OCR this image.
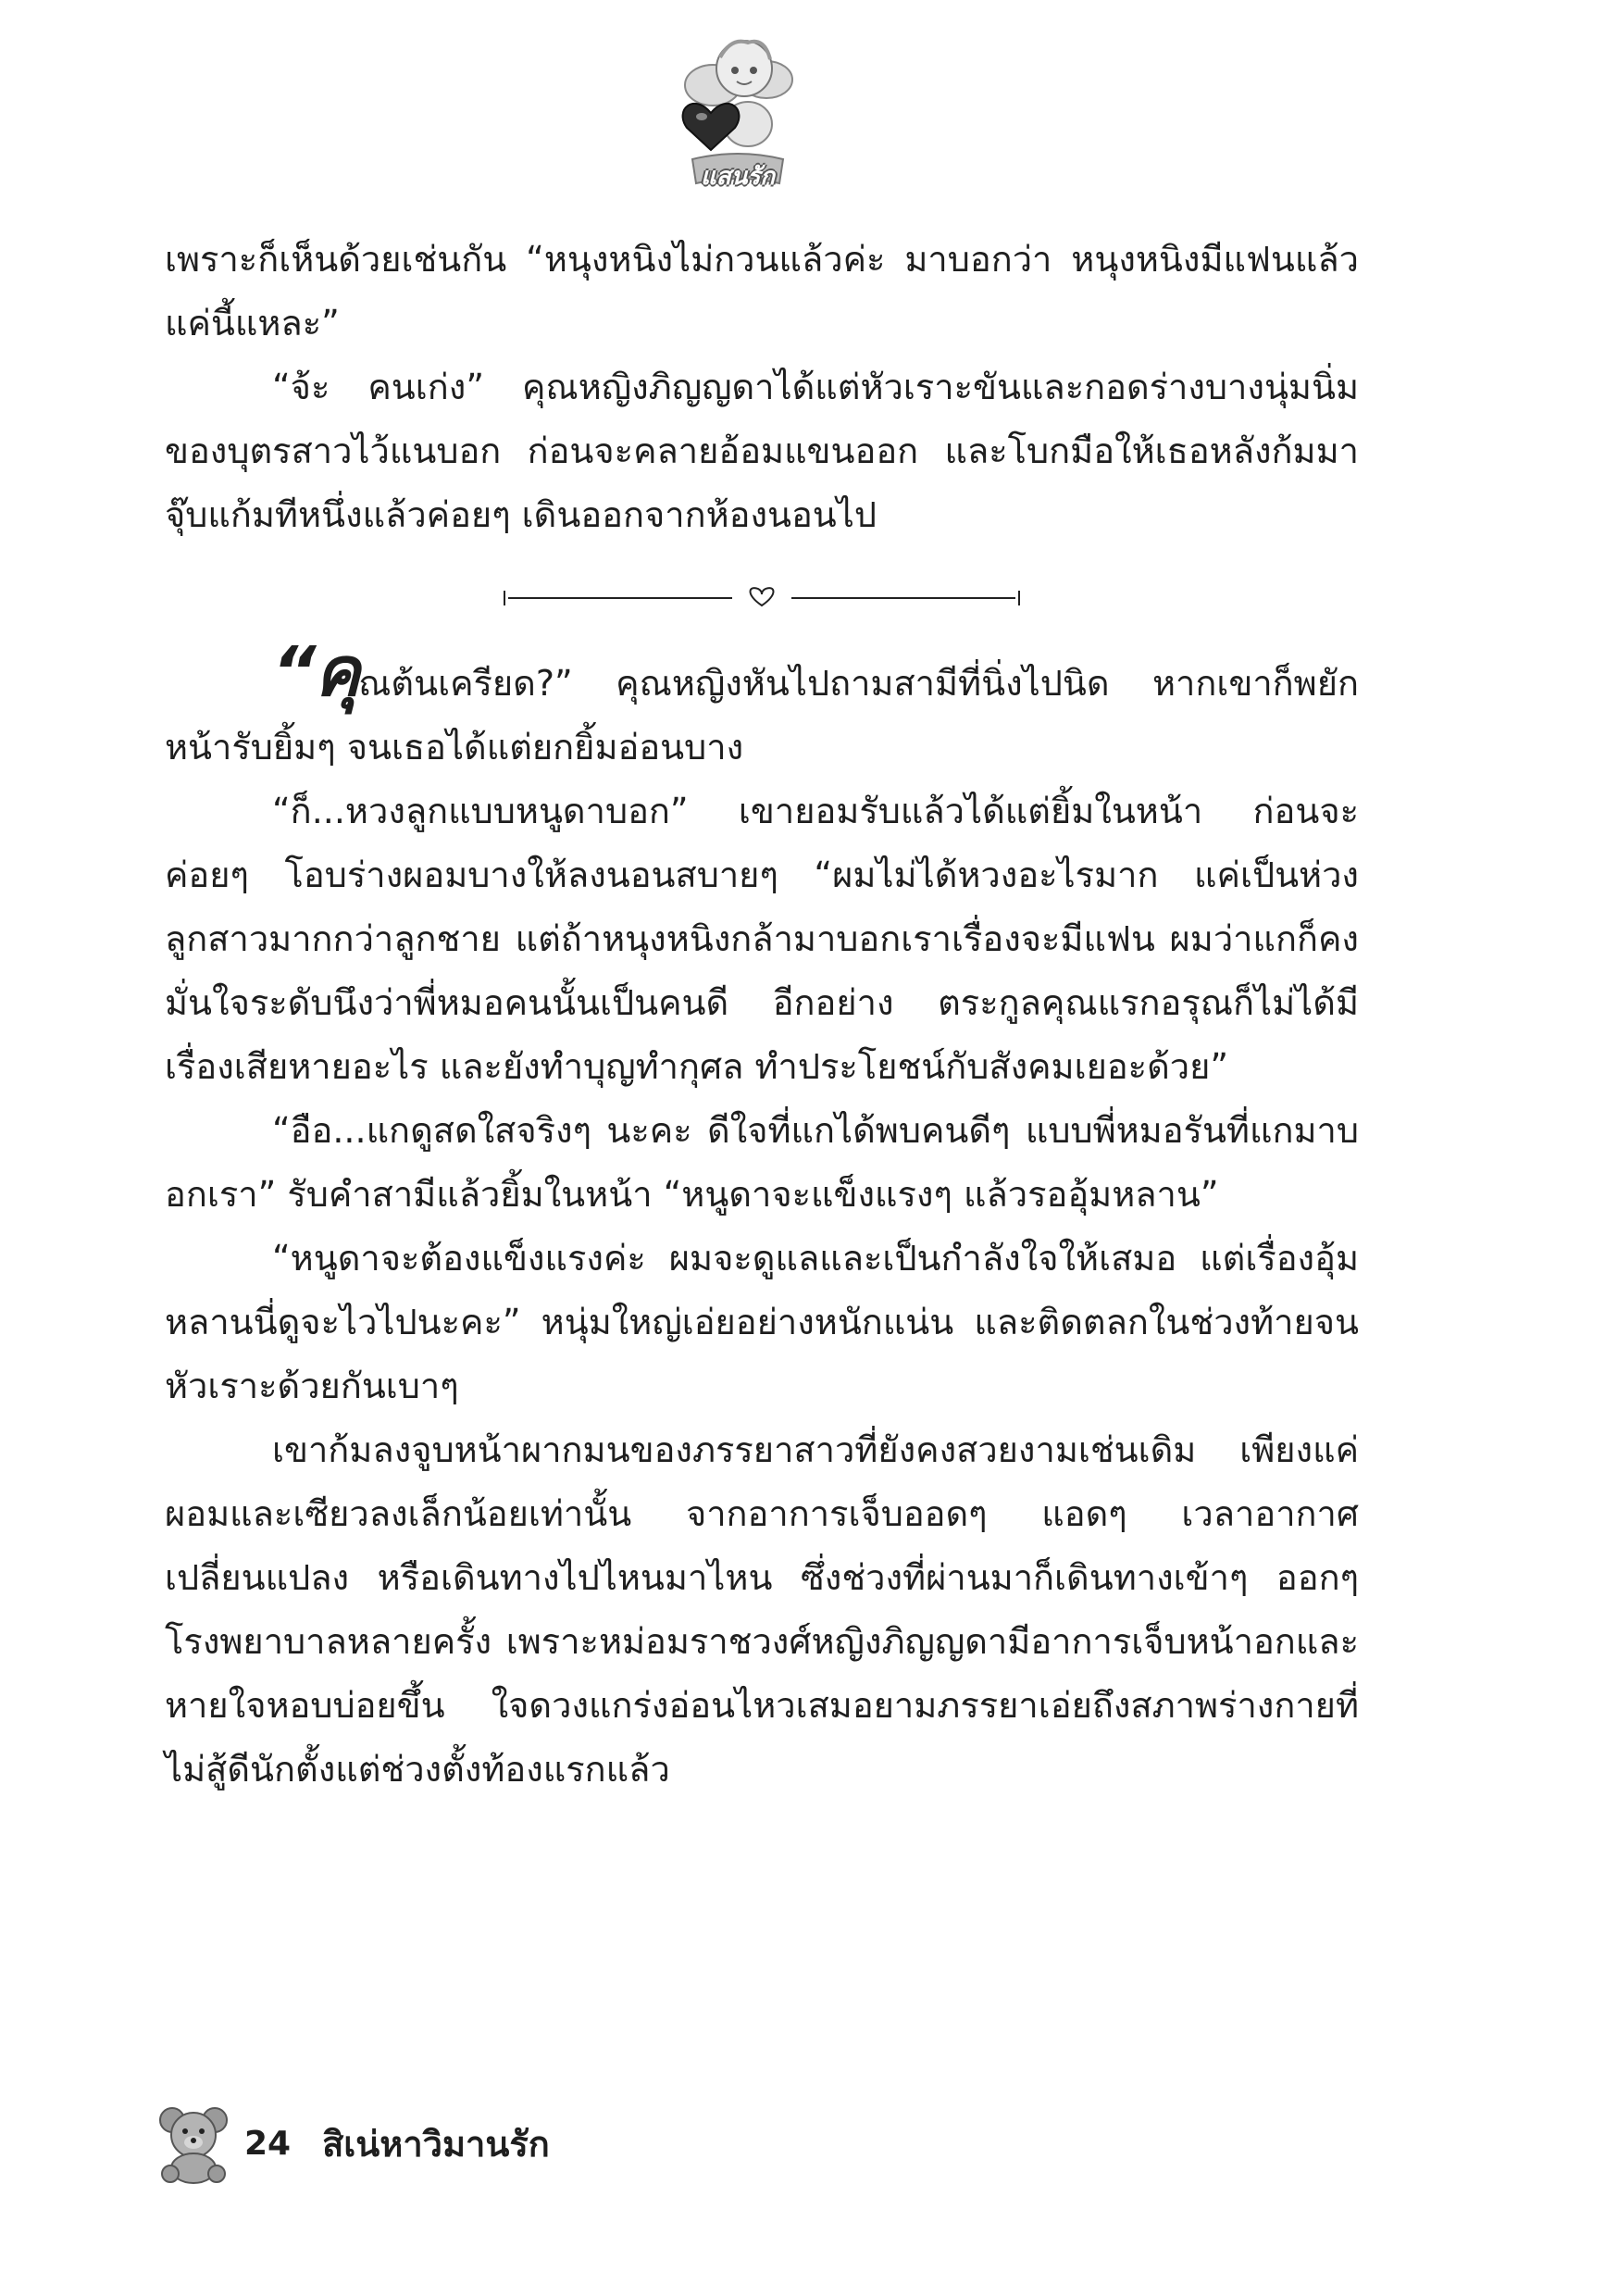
แสนรัก

เพราะก็เห็นด้วยเช่นกัน “หนุงหนิงไม่กวนแล้วค่ะ มาบอกว่า หนุงหนิงมีแฟนแล้วแค่นี้แหละ”

“จ้ะ คนเก่ง” คุณหญิงภิญญดาได้แต่หัวเราะขันและกอดร่างบางนุ่มนิ่มของบุตรสาวไว้แนบอก ก่อนจะคลายอ้อมแขนออก และโบกมือให้เธอหลังก้มมาจุ๊บแก้มทีหนึ่งแล้วค่อยๆ เดินออกจากห้องนอนไป

“คุณต้นเครียด?” คุณหญิงหันไปถามสามีที่นิ่งไปนิด หากเขาก็พยักหน้ารับยิ้มๆ จนเธอได้แต่ยกยิ้มอ่อนบาง

“ก็...หวงลูกแบบหนูดาบอก” เขายอมรับแล้วได้แต่ยิ้มในหน้า ก่อนจะค่อยๆ โอบร่างผอมบางให้ลงนอนสบายๆ “ผมไม่ได้หวงอะไรมาก แค่เป็นห่วงลูกสาวมากกว่าลูกชาย แต่ถ้าหนุงหนิงกล้ามาบอกเราเรื่องจะมีแฟน ผมว่าแกก็คงมั่นใจระดับนึงว่าพี่หมอคนนั้นเป็นคนดี อีกอย่าง ตระกูลคุณแรกอรุณก็ไม่ได้มีเรื่องเสียหายอะไร และยังทำบุญทำกุศล ทำประโยชน์กับสังคมเยอะด้วย”

“อือ...แกดูสดใสจริงๆ นะคะ ดีใจที่แกได้พบคนดีๆ แบบพี่หมอรันที่แกมาบอกเรา” รับคำสามีแล้วยิ้มในหน้า “หนูดาจะแข็งแรงๆ แล้วรออุ้มหลาน”

“หนูดาจะต้องแข็งแรงค่ะ ผมจะดูแลและเป็นกำลังใจให้เสมอ แต่เรื่องอุ้มหลานนี่ดูจะไวไปนะคะ” หนุ่มใหญ่เอ่ยอย่างหนักแน่น และติดตลกในช่วงท้ายจนหัวเราะด้วยกันเบาๆ

เขาก้มลงจูบหน้าผากมนของภรรยาสาวที่ยังคงสวยงามเช่นเดิม เพียงแค่ผอมและเซียวลงเล็กน้อยเท่านั้น จากอาการเจ็บออดๆ แอดๆ เวลาอากาศเปลี่ยนแปลง หรือเดินทางไปไหนมาไหน ซึ่งช่วงที่ผ่านมาก็เดินทางเข้าๆ ออกๆ โรงพยาบาลหลายครั้ง เพราะหม่อมราชวงศ์หญิงภิญญดามีอาการเจ็บหน้าอกและหายใจหอบบ่อยขึ้น ใจดวงแกร่งอ่อนไหวเสมอยามภรรยาเอ่ยถึงสภาพร่างกายที่ไม่สู้ดีนักตั้งแต่ช่วงตั้งท้องแรกแล้ว

24 สิเน่หาวิมานรัก
